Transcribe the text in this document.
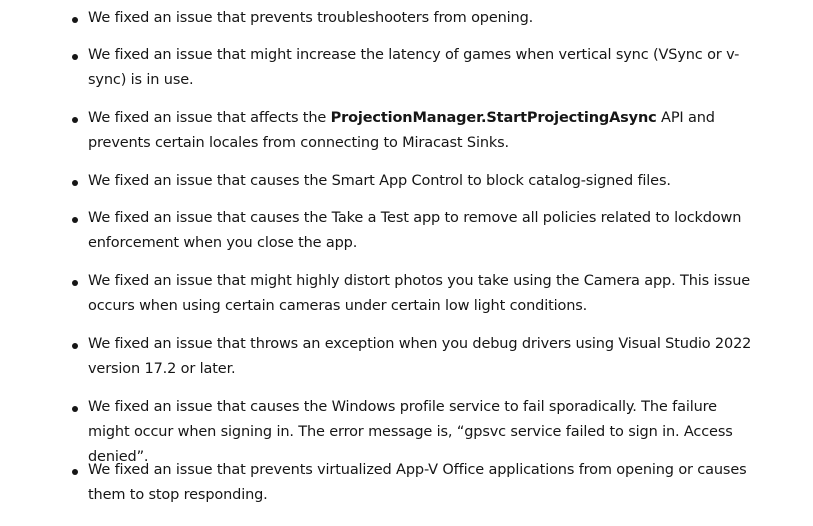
We fixed an issue that prevents troubleshooters from opening.
We fixed an issue that might increase the latency of games when vertical sync (VSync or v-sync) is in use.
We fixed an issue that affects the ProjectionManager.StartProjectingAsync API and prevents certain locales from connecting to Miracast Sinks.
We fixed an issue that causes the Smart App Control to block catalog-signed files.
We fixed an issue that causes the Take a Test app to remove all policies related to lockdown enforcement when you close the app.
We fixed an issue that might highly distort photos you take using the Camera app. This issue occurs when using certain cameras under certain low light conditions.
We fixed an issue that throws an exception when you debug drivers using Visual Studio 2022 version 17.2 or later.
We fixed an issue that causes the Windows profile service to fail sporadically. The failure might occur when signing in. The error message is, “gpsvc service failed to sign in. Access denied”.
We fixed an issue that prevents virtualized App-V Office applications from opening or causes them to stop responding.
